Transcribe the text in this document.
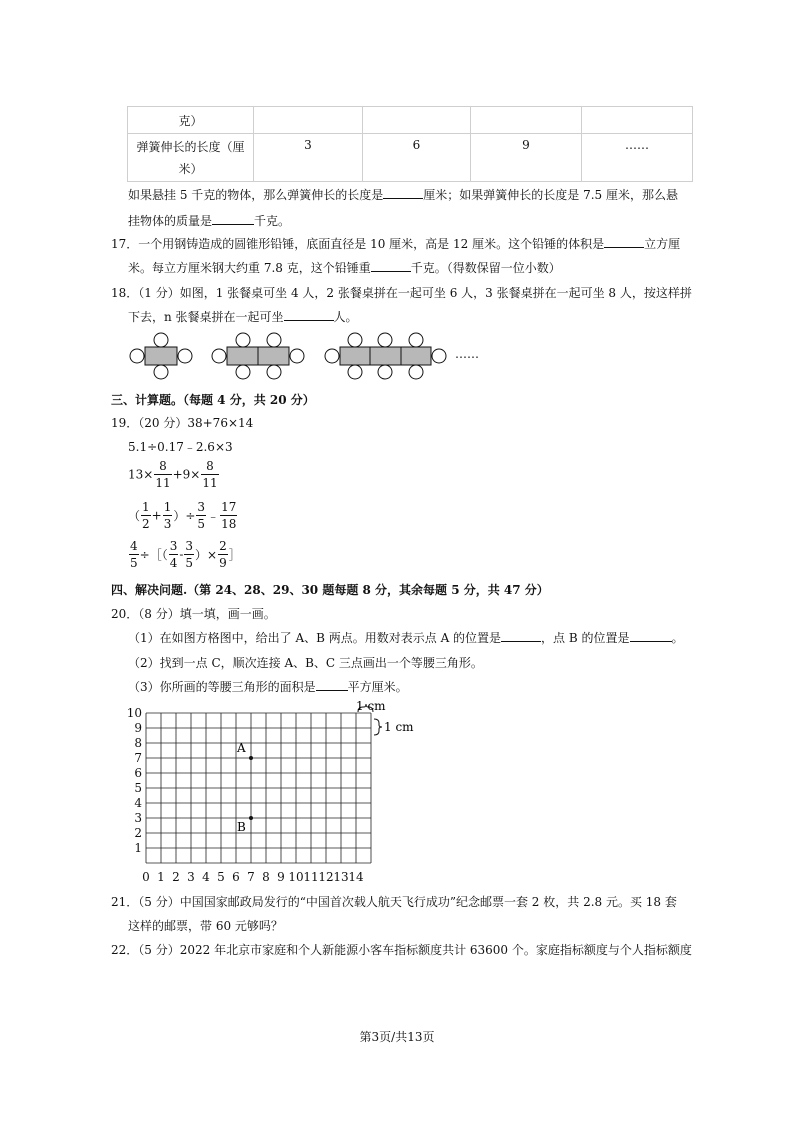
克）				

弹簧伸长的长度（厘
米）	3	6	9	……
如果悬挂 5 千克的物体，那么弹簧伸长的长度是	厘米；如果弹簧伸长的长度是 7.5 厘米，那么悬
挂物体的质量是	千克。
17．一个用钢铸造成的圆锥形铅锤，底面直径是 10 厘米，高是 12 厘米。这个铅锤的体积是	立方厘
米。每立方厘米钢大约重 7.8 克，这个铅锤重	千克。（得数保留一位小数）
18．（1 分）如图，1 张餐桌可坐 4 人，2 张餐桌拼在一起可坐 6 人，3 张餐桌拼在一起可坐 8 人，按这样拼
下去，n 张餐桌拼在一起可坐	人。
……
三、计算题。（每题 4 分，共 20 分）
19．（20 分）38+76×14
5.1÷0.17﹣2.6×3
$13\times \frac{8}{11} +9\times \frac{8}{11}$
（ $\frac{1}{2} + \frac{1}{3}$ ）÷ $\frac{3}{5}$ ﹣ $\frac{17}{18}$
$\frac{4}{5}$ ÷［（ $\frac{3}{4} - \frac{3}{5}$ ）× $\frac{2}{9}$ ］
四、解决问题.（第 24、28、29、30 题每题 8 分，其余每题 5 分，共 47 分）
20．（8 分）填一填，画一画。
（1）在如图方格图中，给出了 A、B 两点。用数对表示点 A 的位置是	，点 B 的位置是	。
（2）找到一点 C，顺次连接 A、B、C 三点画出一个等腰三角形。
（3）你所画的等腰三角形的面积是	平方厘米。
1
2
3
4
5
6
7
8
9
10
0 1 2 3 4 5 6 7 8 9 10 11 12 13 14
1 cm
1 cm
A
B
21．（5 分）中国国家邮政局发行的“中国首次载人航天飞行成功”纪念邮票一套 2 枚，共 2.8 元。买 18 套
这样的邮票，带 60 元够吗？
22．（5 分）2022 年北京市家庭和个人新能源小客车指标额度共计 63600 个。家庭指标额度与个人指标额度
第3页/共13页
